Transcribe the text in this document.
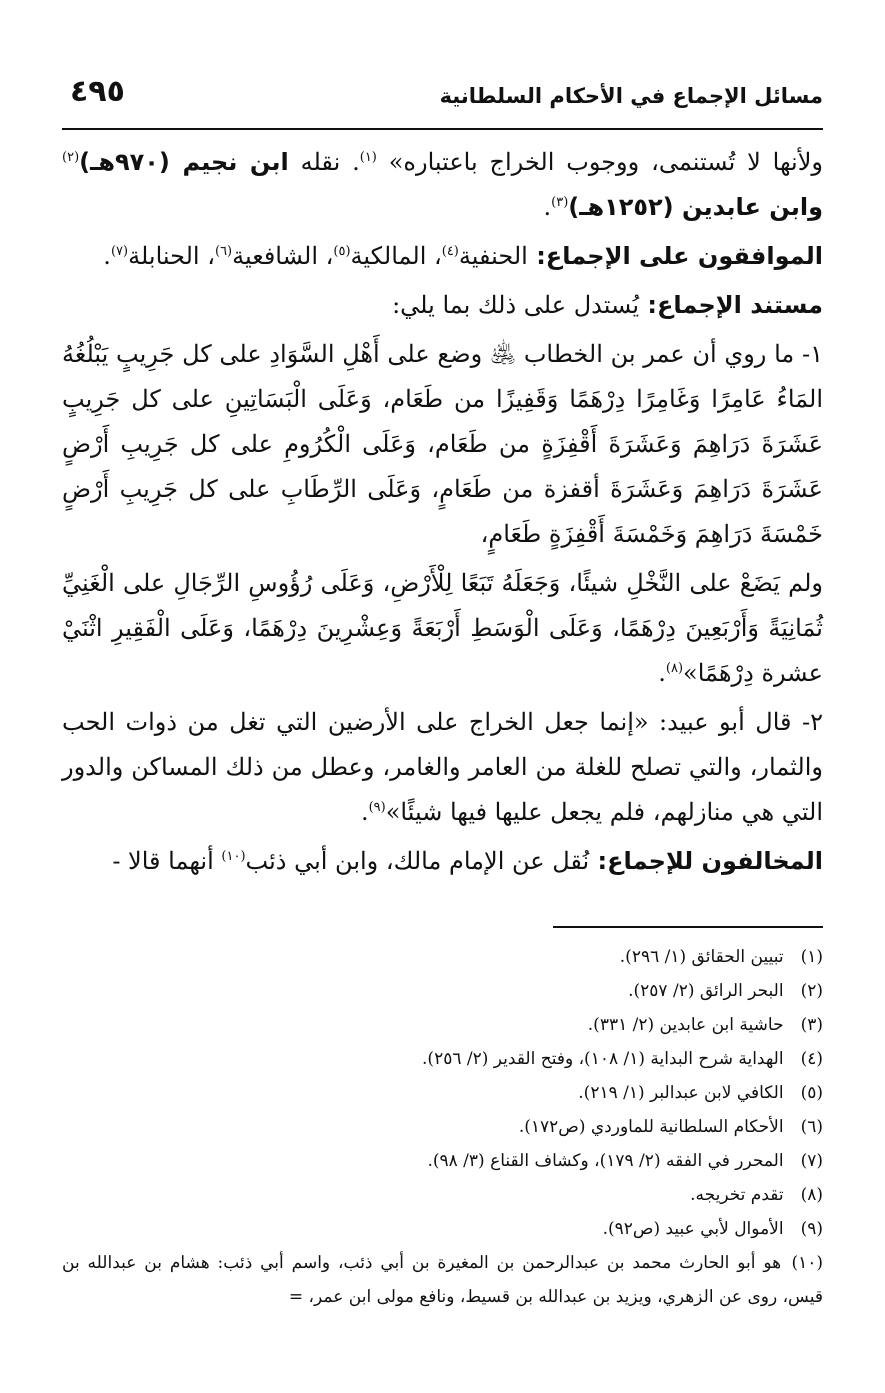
مسائل الإجماع في الأحكام السلطانية
٤٩٥

ولأنها لا تُستنمى، ووجوب الخراج باعتباره» $^{(١)}$. نقله ابن نجيم (٩٧٠هـ)$^{(٢)}$ وابن عابدين (١٢٥٢هـ)$^{(٣)}$.

الموافقون على الإجماع: الحنفية$^{(٤)}$، المالكية$^{(٥)}$، الشافعية$^{(٦)}$، الحنابلة$^{(٧)}$.

مستند الإجماع: يُستدل على ذلك بما يلي:

١- ما روي أن عمر بن الخطاب ﵁ وضع على أَهْلِ السَّوَادِ على كل جَرِيبٍ يَبْلُغُهُ المَاءُ عَامِرًا وَغَامِرًا دِرْهَمًا وَقَفِيزًا من طَعَام، وَعَلَى الْبَسَاتِينِ على كل جَرِيبٍ عَشَرَةَ دَرَاهِمَ وَعَشَرَةَ أَقْفِزَةٍ من طَعَام، وَعَلَى الْكُرُومِ على كل جَرِيبِ أَرْضٍ عَشَرَةَ دَرَاهِمَ وَعَشَرَةَ أقفزة من طَعَامٍ، وَعَلَى الرِّطَابِ على كل جَرِيبِ أَرْضٍ خَمْسَةَ دَرَاهِمَ وَخَمْسَةَ أَقْفِزَةٍ طَعَامٍ،

ولم يَضَعْ على النَّخْلِ شيئًا، وَجَعَلَهُ تَبَعًا لِلْأَرْضِ، وَعَلَى رُؤُوسِ الرِّجَالِ على الْغَنِيِّ ثُمَانِيَةً وَأَرْبَعِينَ دِرْهَمًا، وَعَلَى الْوَسَطِ أَرْبَعَةً وَعِشْرِينَ دِرْهَمًا، وَعَلَى الْفَقِيرِ اثْنَيْ عشرة دِرْهَمًا»$^{(٨)}$.

٢- قال أبو عبيد: «إنما جعل الخراج على الأرضين التي تغل من ذوات الحب والثمار، والتي تصلح للغلة من العامر والغامر، وعطل من ذلك المساكن والدور التي هي منازلهم، فلم يجعل عليها فيها شيئًا»$^{(٩)}$.

المخالفون للإجماع: نُقل عن الإمام مالك، وابن أبي ذئب$^{(١٠)}$ أنهما قالا -

(١) تبيين الحقائق (١/ ٢٩٦).

(٢) البحر الرائق (٢/ ٢٥٧).

(٣) حاشية ابن عابدين (٢/ ٣٣١).

(٤) الهداية شرح البداية (١/ ١٠٨)، وفتح القدير (٢/ ٢٥٦).

(٥) الكافي لابن عبدالبر (١/ ٢١٩).

(٦) الأحكام السلطانية للماوردي (ص١٧٢).

(٧) المحرر في الفقه (٢/ ١٧٩)، وكشاف القناع (٣/ ٩٨).

(٨) تقدم تخريجه.

(٩) الأموال لأبي عبيد (ص٩٢).

(١٠) هو أبو الحارث محمد بن عبدالرحمن بن المغيرة بن أبي ذئب، واسم أبي ذئب: هشام بن عبدالله بن قيس، روى عن الزهري، ويزيد بن عبدالله بن قسيط، ونافع مولى ابن عمر، =
